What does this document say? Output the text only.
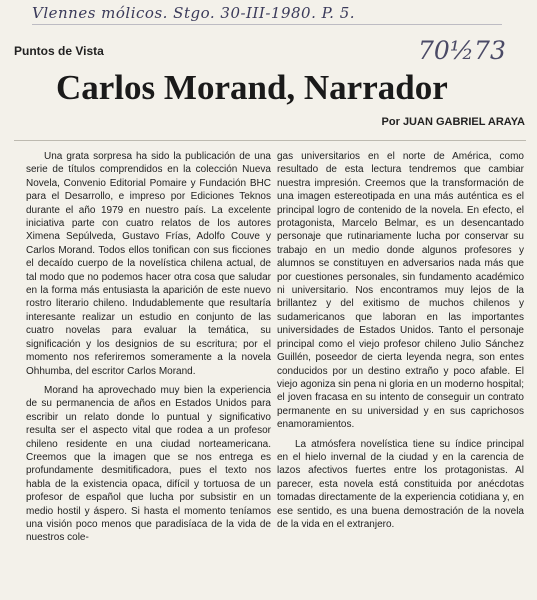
Vlennes mólicos. Stgo. 30-III-1980. P. 5.
70½73
Puntos de Vista
Carlos Morand, Narrador
Por JUAN GABRIEL ARAYA

Una grata sorpresa ha sido la publicación de una serie de títulos comprendidos en la colección Nueva Novela, Convenio Editorial Pomaire y Fundación BHC para el Desarrollo, e impreso por Ediciones Teknos durante el año 1979 en nuestro país. La excelente iniciativa parte con cuatro relatos de los autores Ximena Sepúlveda, Gustavo Frías, Adolfo Couve y Carlos Morand. Todos ellos tonifican con sus ficciones el decaído cuerpo de la novelística chilena actual, de tal modo que no podemos hacer otra cosa que saludar en la forma más entusiasta la aparición de este nuevo rostro literario chileno. Indudablemente que resultaría interesante realizar un estudio en conjunto de las cuatro novelas para evaluar la temática, su significación y los designios de su escritura; por el momento nos referiremos someramente a la novela Ohhumba, del escritor Carlos Morand.

Morand ha aprovechado muy bien la experiencia de su permanencia de años en Estados Unidos para escribir un relato donde lo puntual y significativo resulta ser el aspecto vital que rodea a un profesor chileno residente en una ciudad norteamericana. Creemos que la imagen que se nos entrega es profundamente desmitificadora, pues el texto nos habla de la existencia opaca, difícil y tortuosa de un profesor de español que lucha por subsistir en un medio hostil y áspero. Si hasta el momento teníamos una visión poco menos que paradisíaca de la vida de nuestros cole-

gas universitarios en el norte de América, como resultado de esta lectura tendremos que cambiar nuestra impresión. Creemos que la transformación de una imagen estereotipada en una más auténtica es el principal logro de contenido de la novela. En efecto, el protagonista, Marcelo Belmar, es un desencantado personaje que rutinariamente lucha por conservar su trabajo en un medio donde algunos profesores y alumnos se constituyen en adversarios nada más que por cuestiones personales, sin fundamento académico ni universitario. Nos encontramos muy lejos de la brillantez y del exitismo de muchos chilenos y sudamericanos que laboran en las importantes universidades de Estados Unidos. Tanto el personaje principal como el viejo profesor chileno Julio Sánchez Guillén, poseedor de cierta leyenda negra, son entes conducidos por un destino extraño y poco afable. El viejo agoniza sin pena ni gloria en un moderno hospital; el joven fracasa en su intento de conseguir un contrato permanente en su universidad y en sus caprichosos enamoramientos.

La atmósfera novelística tiene su índice principal en el hielo invernal de la ciudad y en la carencia de lazos afectivos fuertes entre los protagonistas. Al parecer, esta novela está constituida por anécdotas tomadas directamente de la experiencia cotidiana y, en ese sentido, es una buena demostración de la novela de la vida en el extranjero.
